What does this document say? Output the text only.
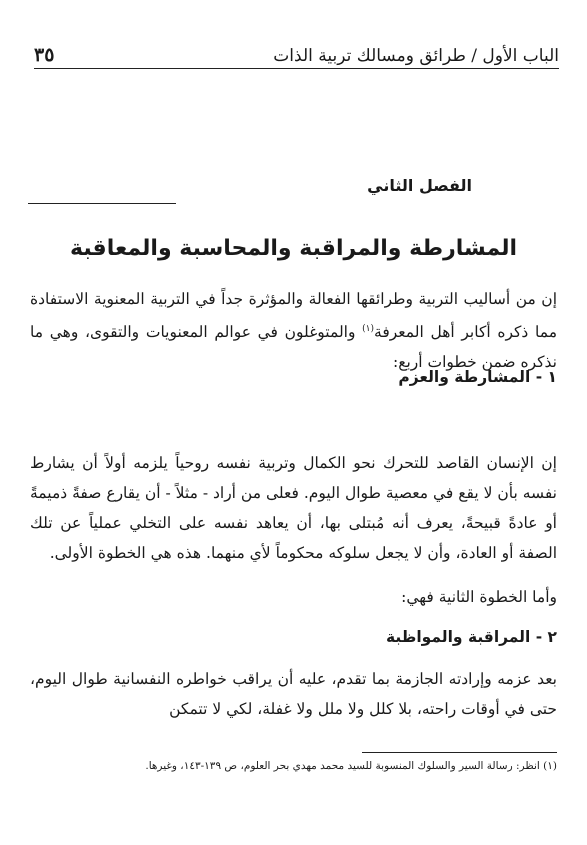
الباب الأول / طرائق ومسالك تربية الذات
٣٥
الفصل الثاني
المشارطة والمراقبة والمحاسبة والمعاقبة

إن من أساليب التربية وطرائقها الفعالة والمؤثرة جداً في التربية المعنوية الاستفادة مما ذكره أكابر أهل المعرفة$^{(١)}$ والمتوغلون في عوالم المعنويات والتقوى، وهي ما نذكره ضمن خطوات أربع:

١ - المشارطة والعزم

إن الإنسان القاصد للتحرك نحو الكمال وتربية نفسه روحياً يلزمه أولاً أن يشارط نفسه بأن لا يقع في معصية طوال اليوم. فعلى من أراد - مثلاً - أن يقارع صفةً ذميمةً أو عادةً قبيحةً، يعرف أنه مُبتلى بها، أن يعاهد نفسه على التخلي عملياً عن تلك الصفة أو العادة، وأن لا يجعل سلوكه محكوماً لأي منهما. هذه هي الخطوة الأولى.

وأما الخطوة الثانية فهي:

٢ - المراقبة والمواظبة

بعد عزمه وإرادته الجازمة بما تقدم، عليه أن يراقب خواطره النفسانية طوال اليوم، حتى في أوقات راحته، بلا كلل ولا ملل ولا غفلة، لكي لا تتمكن

(١) انظر: رسالة السير والسلوك المنسوبة للسيد محمد مهدي بحر العلوم، ص ١٣٩-١٤٣، وغيرها.
